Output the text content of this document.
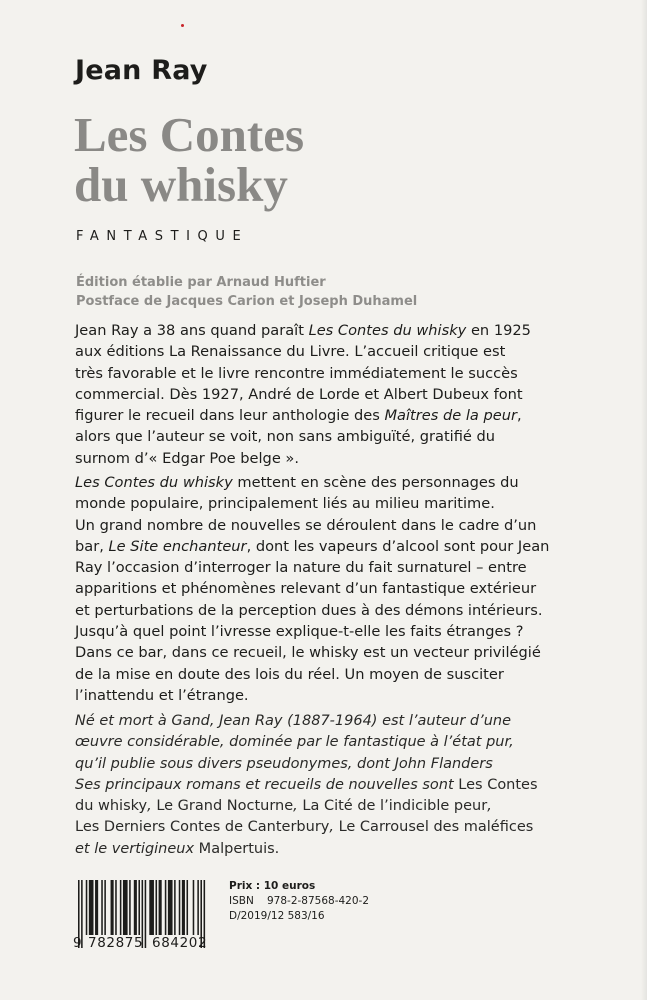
Jean Ray
Les Contes
du whisky
FANTASTIQUE
Édition établie par Arnaud Huftier
Postface de Jacques Carion et Joseph Duhamel
Jean Ray a 38 ans quand paraît Les Contes du whisky en 1925
aux éditions La Renaissance du Livre. L’accueil critique est
très favorable et le livre rencontre immédiatement le succès
commercial. Dès 1927, André de Lorde et Albert Dubeux font
figurer le recueil dans leur anthologie des Maîtres de la peur,
alors que l’auteur se voit, non sans ambiguïté, gratifié du
surnom d’« Edgar Poe belge ».
Les Contes du whisky mettent en scène des personnages du
monde populaire, principalement liés au milieu maritime.
Un grand nombre de nouvelles se déroulent dans le cadre d’un
bar, Le Site enchanteur, dont les vapeurs d’alcool sont pour Jean
Ray l’occasion d’interroger la nature du fait surnaturel – entre
apparitions et phénomènes relevant d’un fantastique extérieur
et perturbations de la perception dues à des démons intérieurs.
Jusqu’à quel point l’ivresse explique-t-elle les faits étranges ?
Dans ce bar, dans ce recueil, le whisky est un vecteur privilégié
de la mise en doute des lois du réel. Un moyen de susciter
l’inattendu et l’étrange.
Né et mort à Gand, Jean Ray (1887-1964) est l’auteur d’une
œuvre considérable, dominée par le fantastique à l’état pur,
qu’il publie sous divers pseudonymes, dont John Flanders
Ses principaux romans et recueils de nouvelles sont Les Contes
du whisky, Le Grand Nocturne, La Cité de l’indicible peur,
Les Derniers Contes de Canterbury, Le Carrousel des maléfices
et le vertigineux Malpertuis.
9 782875 684202
Prix : 10 euros
ISBN 978-2-87568-420-2
D/2019/12 583/16
